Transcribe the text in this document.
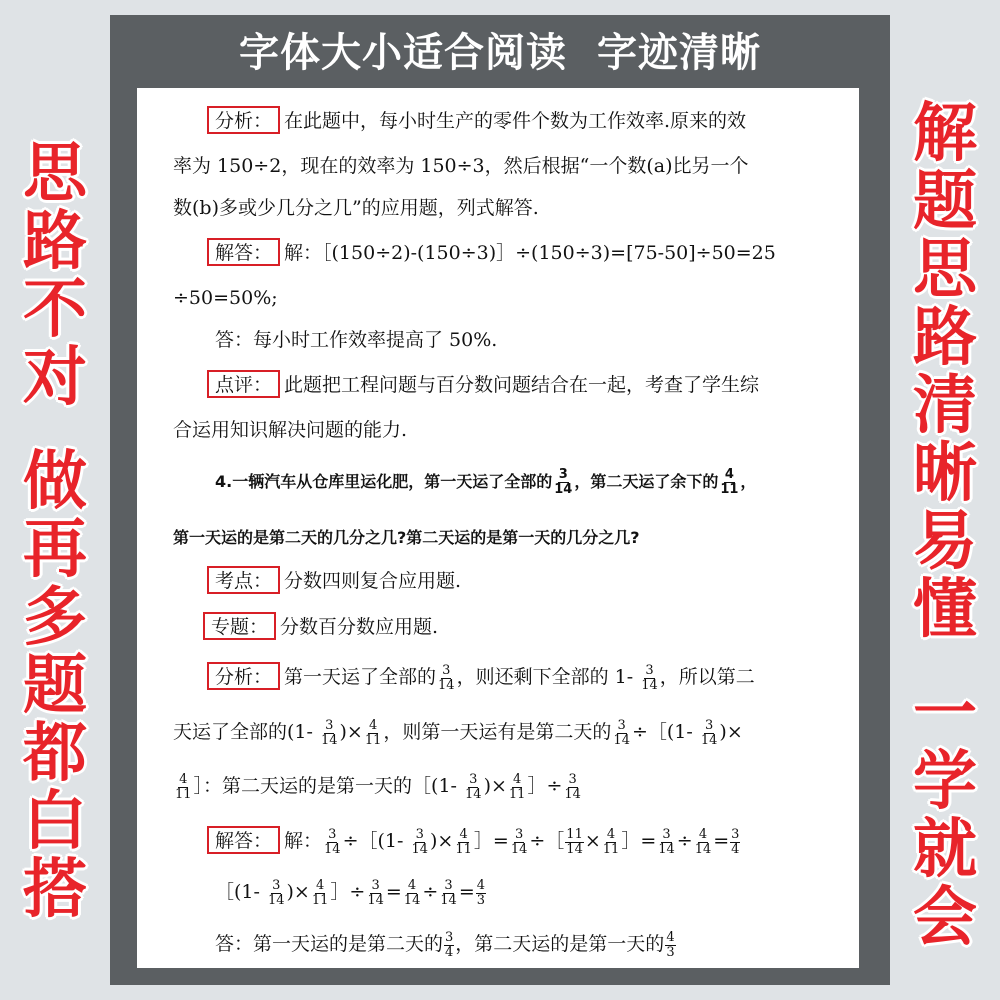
字体大小适合阅读 字迹清晰
思
路
不
对
做
再
多
题
都
白
搭
解
题
思
路
清
晰
易
懂
一
学
就
会
分析： 在此题中，每小时生产的零件个数为工作效率.原来的效
率为 150÷2，现在的效率为 150÷3，然后根据“一个数(a)比另一个
数(b)多或少几分之几”的应用题，列式解答.
解答： 解：［(150÷2)-(150÷3)］÷(150÷3)=[75-50]÷50=25
÷50=50%;
答：每小时工作效率提高了 50%.
点评： 此题把工程问题与百分数问题结合在一起，考查了学生综
合运用知识解决问题的能力.
4.一辆汽车从仓库里运化肥，第一天运了全部的 $\frac{3}{14}$ ，第二天运了余下的 $\frac{4}{11}$ ，
第一天运的是第二天的几分之几?第二天运的是第一天的几分之几?
考点： 分数四则复合应用题.
专题： 分数百分数应用题.
分析： 第一天运了全部的 $\frac{3}{14}$ ，则还剩下全部的 $1- \frac{3}{14}$ ，所以第二
天运了全部的($1- \frac{3}{14}$ )× $\frac{4}{11}$ ，则第一天运有是第二天的 $\frac{3}{14}$ ÷［(1- $\frac{3}{14}$ )×
$\frac{4}{11}$ ］：第二天运的是第一天的［(1- $\frac{3}{14}$ )× $\frac{4}{11}$ ］÷ $\frac{3}{14}$
解答： 解： $\frac{3}{14}$ ÷［(1- $\frac{3}{14}$ )× $\frac{4}{11}$ ］= $\frac{3}{14}$ ÷［ $\frac{11}{14} \times \frac{4}{11}$ ］= $\frac{3}{14} \div \frac{4}{14} = \frac{3}{4}$
［(1- $\frac{3}{14}$ )× $\frac{4}{11}$ ］÷ $\frac{3}{14} = \frac{4}{14} \div \frac{3}{14} = \frac{4}{3}$
答：第一天运的是第二天的 $\frac{3}{4}$ ，第二天运的是第一天的 $\frac{4}{3}$
